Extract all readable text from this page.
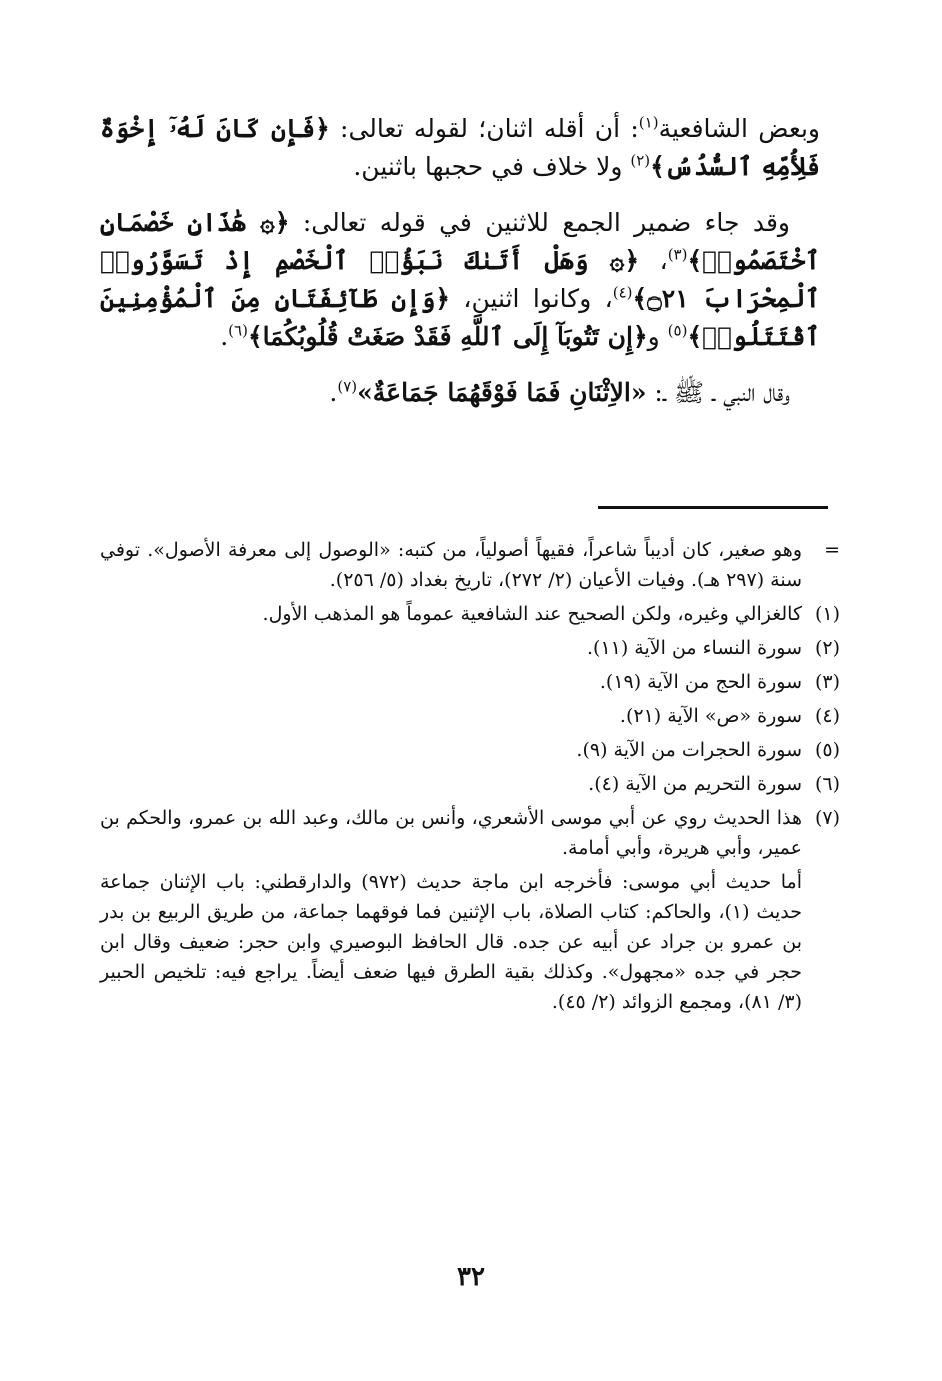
وبعض الشافعية$^{(١)}$: أن أقله اثنان؛ لقوله تعالى: ﴿فَإِن كَانَ لَهُۥٓ إِخْوَةٌ فَلِأُمِّهِ ٱلسُّدُسُ﴾$^{(٢)}$ ولا خلاف في حجبها باثنين.

وقد جاء ضمير الجمع للاثنين في قوله تعالى: ﴿۞ هَٰذَانِ خَصْمَانِ ٱخْتَصَمُوا۟﴾$^{(٣)}$، ﴿۞ وَهَلْ أَتَىٰكَ نَبَؤُا۟ ٱلْخَصْمِ إِذْ تَسَوَّرُوا۟ ٱلْمِحْرَابَ ۝٢١﴾$^{(٤)}$، وكانوا اثنين، ﴿وَإِن طَآئِفَتَانِ مِنَ ٱلْمُؤْمِنِينَ ٱقْتَتَلُوا۟﴾$^{(٥)}$ و﴿إِن تَتُوبَآ إِلَى ٱللَّهِ فَقَدْ صَغَتْ قُلُوبُكُمَا﴾$^{(٦)}$.

وقال النبي ـ ﷺ ـ: «الاِثْنَانِ فَمَا فَوْقَهُمَا جَمَاعَةٌ»$^{(٧)}$.

=
وهو صغير، كان أديباً شاعراً، فقيهاً أصولياً، من كتبه: «الوصول إلى معرفة الأصول». توفي سنة (٢٩٧ هـ). وفيات الأعيان (٢/ ٢٧٢)، تاريخ بغداد (٥/ ٢٥٦).
(١)
كالغزالي وغيره، ولكن الصحيح عند الشافعية عموماً هو المذهب الأول.
(٢)
سورة النساء من الآية (١١).
(٣)
سورة الحج من الآية (١٩).
(٤)
سورة «ص» الآية (٢١).
(٥)
سورة الحجرات من الآية (٩).
(٦)
سورة التحريم من الآية (٤).
(٧)
هذا الحديث روي عن أبي موسى الأشعري، وأنس بن مالك، وعبد الله بن عمرو، والحكم بن عمير، وأبي هريرة، وأبي أمامة.
أما حديث أبي موسى: فأخرجه ابن ماجة حديث (٩٧٢) والدارقطني: باب الإثنان جماعة حديث (١)، والحاكم: كتاب الصلاة، باب الإثنين فما فوقهما جماعة، من طريق الربيع بن بدر بن عمرو بن جراد عن أبيه عن جده. قال الحافظ البوصيري وابن حجر: ضعيف وقال ابن حجر في جده «مجهول». وكذلك بقية الطرق فيها ضعف أيضاً. يراجع فيه: تلخيص الحبير (٣/ ٨١)، ومجمع الزوائد (٢/ ٤٥).
٣٢
